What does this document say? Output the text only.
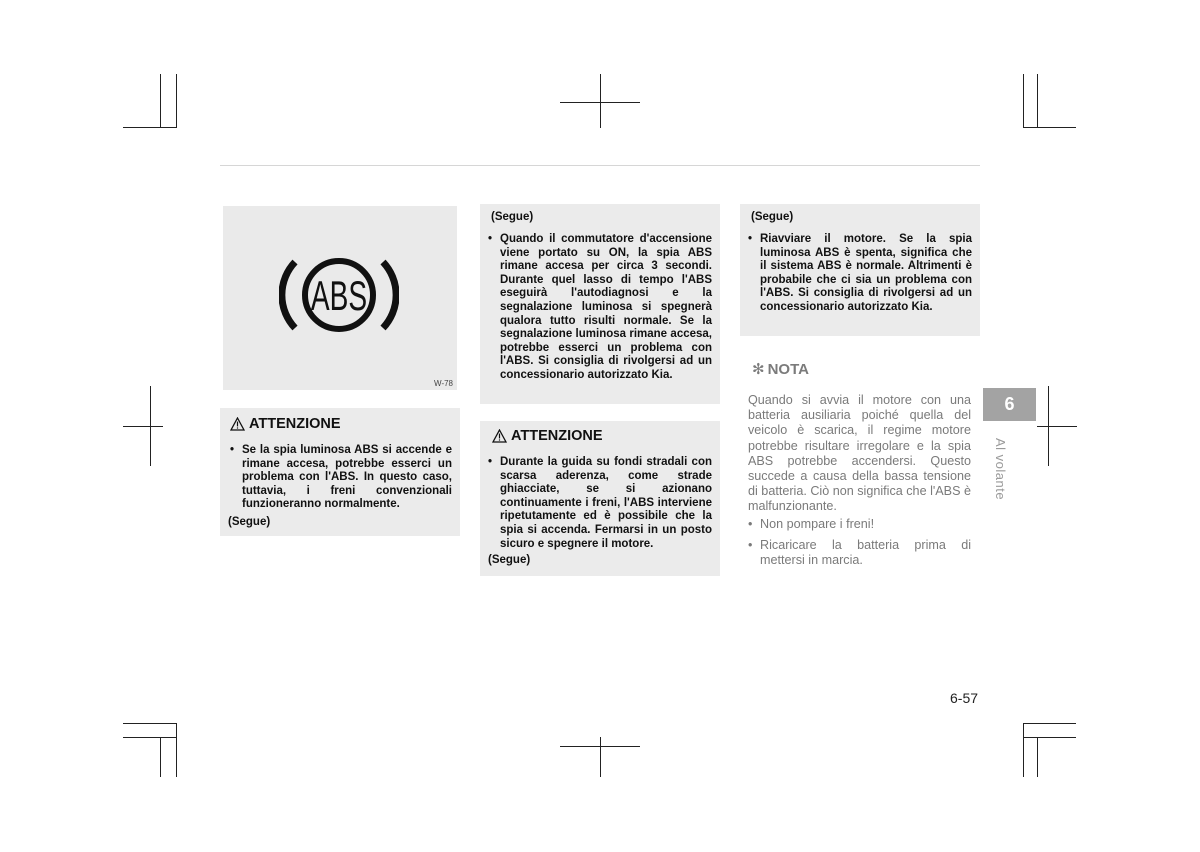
ABS
W-78
ATTENZIONE
• Se la spia luminosa ABS si accende e rimane accesa, potrebbe esserci un problema con l'ABS. In questo caso, tuttavia, i freni convenzionali funzioneranno normalmente.
(Segue)
(Segue)
• Quando il commutatore d'accensione viene portato su ON, la spia ABS rimane accesa per circa 3 secondi. Durante quel lasso di tempo l'ABS eseguirà l'autodiagnosi e la segnalazione luminosa si spegnerà qualora tutto risulti normale. Se la segnalazione luminosa rimane accesa, potrebbe esserci un problema con l'ABS. Si consiglia di rivolgersi ad un concessionario autorizzato Kia.
ATTENZIONE
• Durante la guida su fondi stradali con scarsa aderenza, come strade ghiacciate, se si azionano continuamente i freni, l'ABS interviene ripetutamente ed è possibile che la spia si accenda. Fermarsi in un posto sicuro e spegnere il motore.
(Segue)
(Segue)
• Riavviare il motore. Se la spia luminosa ABS è spenta, significa che il sistema ABS è normale. Altrimenti è probabile che ci sia un problema con l'ABS. Si consiglia di rivolgersi ad un concessionario autorizzato Kia.
✻ NOTA
Quando si avvia il motore con una batteria ausiliaria poiché quella del veicolo è scarica, il regime motore potrebbe risultare irregolare e la spia ABS potrebbe accendersi. Questo succede a causa della bassa tensione di batteria. Ciò non significa che l'ABS è malfunzionante.
• Non pompare i freni!
• Ricaricare la batteria prima di mettersi in marcia.
6
Al volante
6-57
